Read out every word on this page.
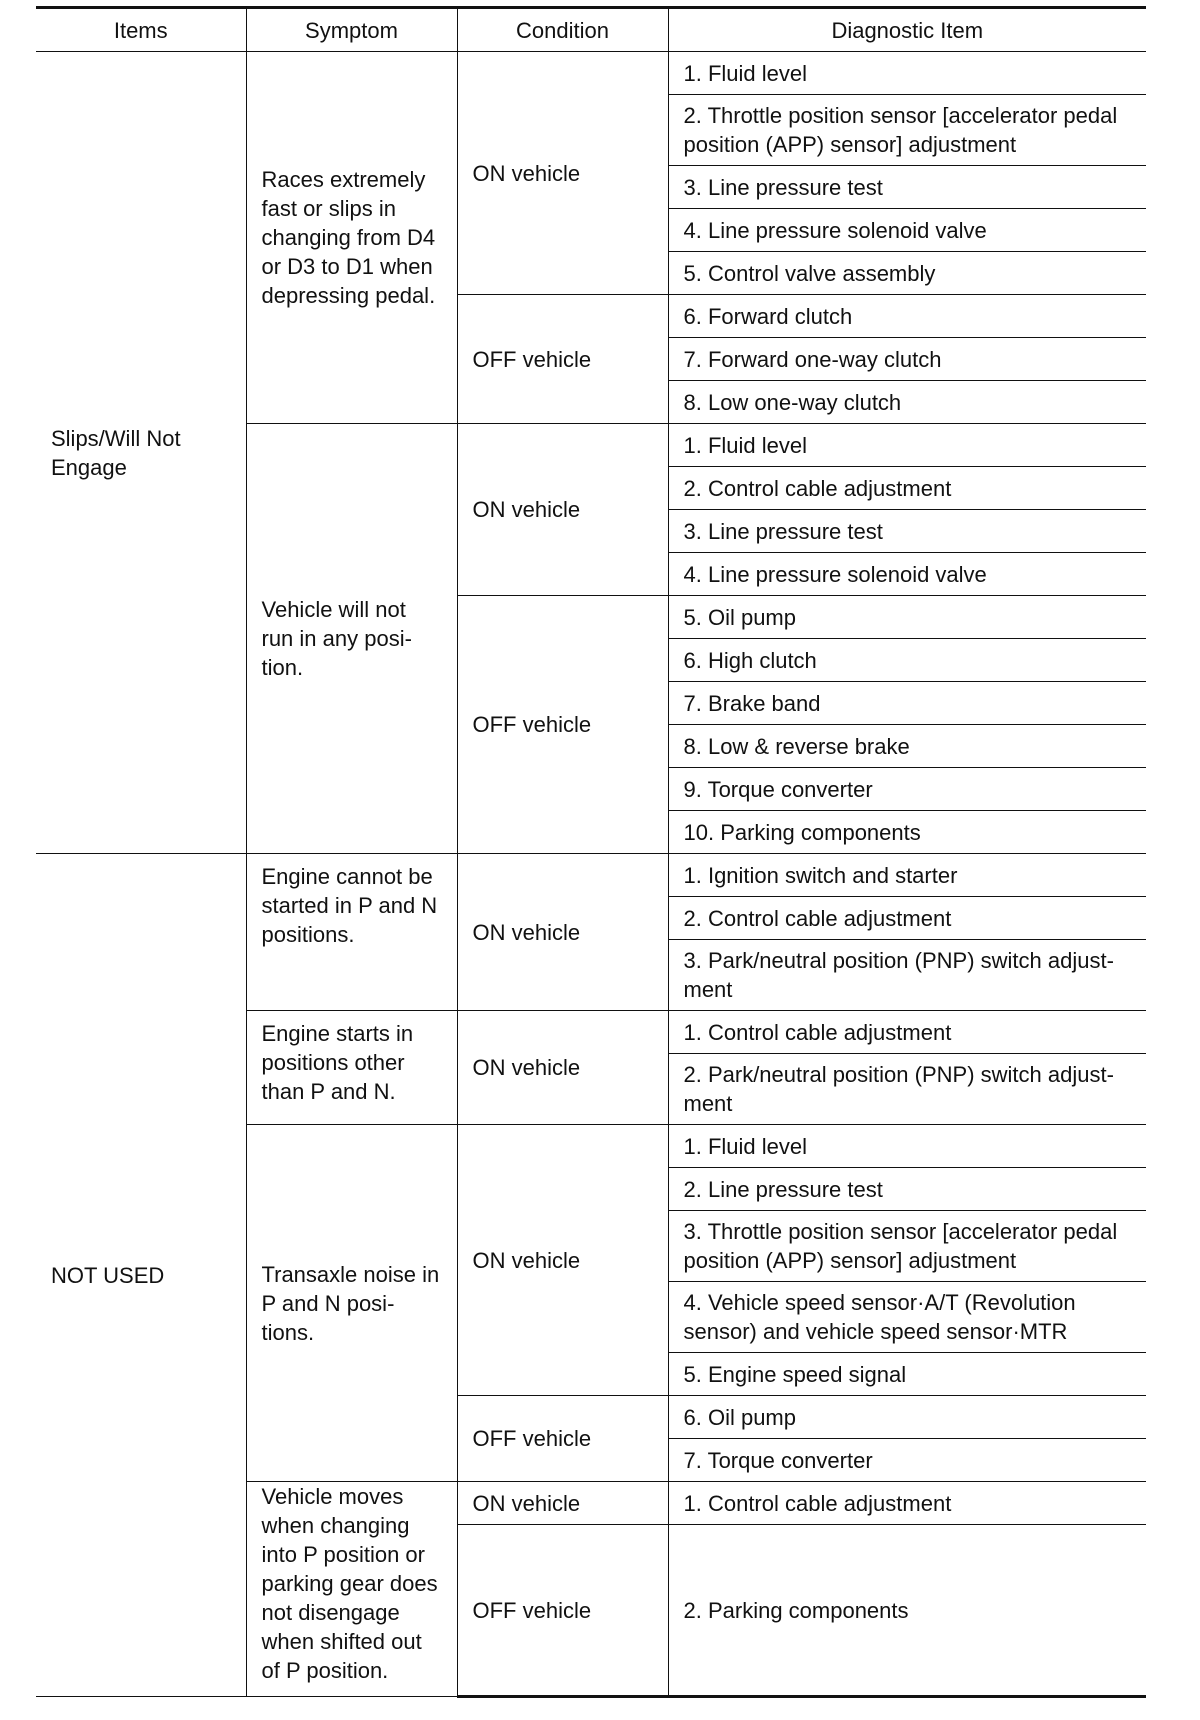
Items	Symptom	Condition	Diagnostic Item
Slips/Will Not Engage	Races extremely fast or slips in changing from D4 or D3 to D1 when depressing pedal.	ON vehicle	1. Fluid level
			2. Throttle position sensor [accelerator pedal position (APP) sensor] adjustment
			3. Line pressure test
			4. Line pressure solenoid valve
			5. Control valve assembly
		OFF vehicle	6. Forward clutch
			7. Forward one-way clutch
			8. Low one-way clutch
	Vehicle will not run in any posi-tion.	ON vehicle	1. Fluid level
			2. Control cable adjustment
			3. Line pressure test
			4. Line pressure solenoid valve
		OFF vehicle	5. Oil pump
			6. High clutch
			7. Brake band
			8. Low & reverse brake
			9. Torque converter
			10. Parking components
NOT USED	Engine cannot be started in P and N positions.	ON vehicle	1. Ignition switch and starter
			2. Control cable adjustment
			3. Park/neutral position (PNP) switch adjust-ment
	Engine starts in positions other than P and N.	ON vehicle	1. Control cable adjustment
			2. Park/neutral position (PNP) switch adjust-ment
	Transaxle noise in P and N posi-tions.	ON vehicle	1. Fluid level
			2. Line pressure test
			3. Throttle position sensor [accelerator pedal position (APP) sensor] adjustment
			4. Vehicle speed sensor·A/T (Revolution sensor) and vehicle speed sensor·MTR
			5. Engine speed signal
		OFF vehicle	6. Oil pump
			7. Torque converter
	Vehicle moves when changing into P position or parking gear does not disengage when shifted out of P position.	ON vehicle	1. Control cable adjustment
		OFF vehicle	2. Parking components
